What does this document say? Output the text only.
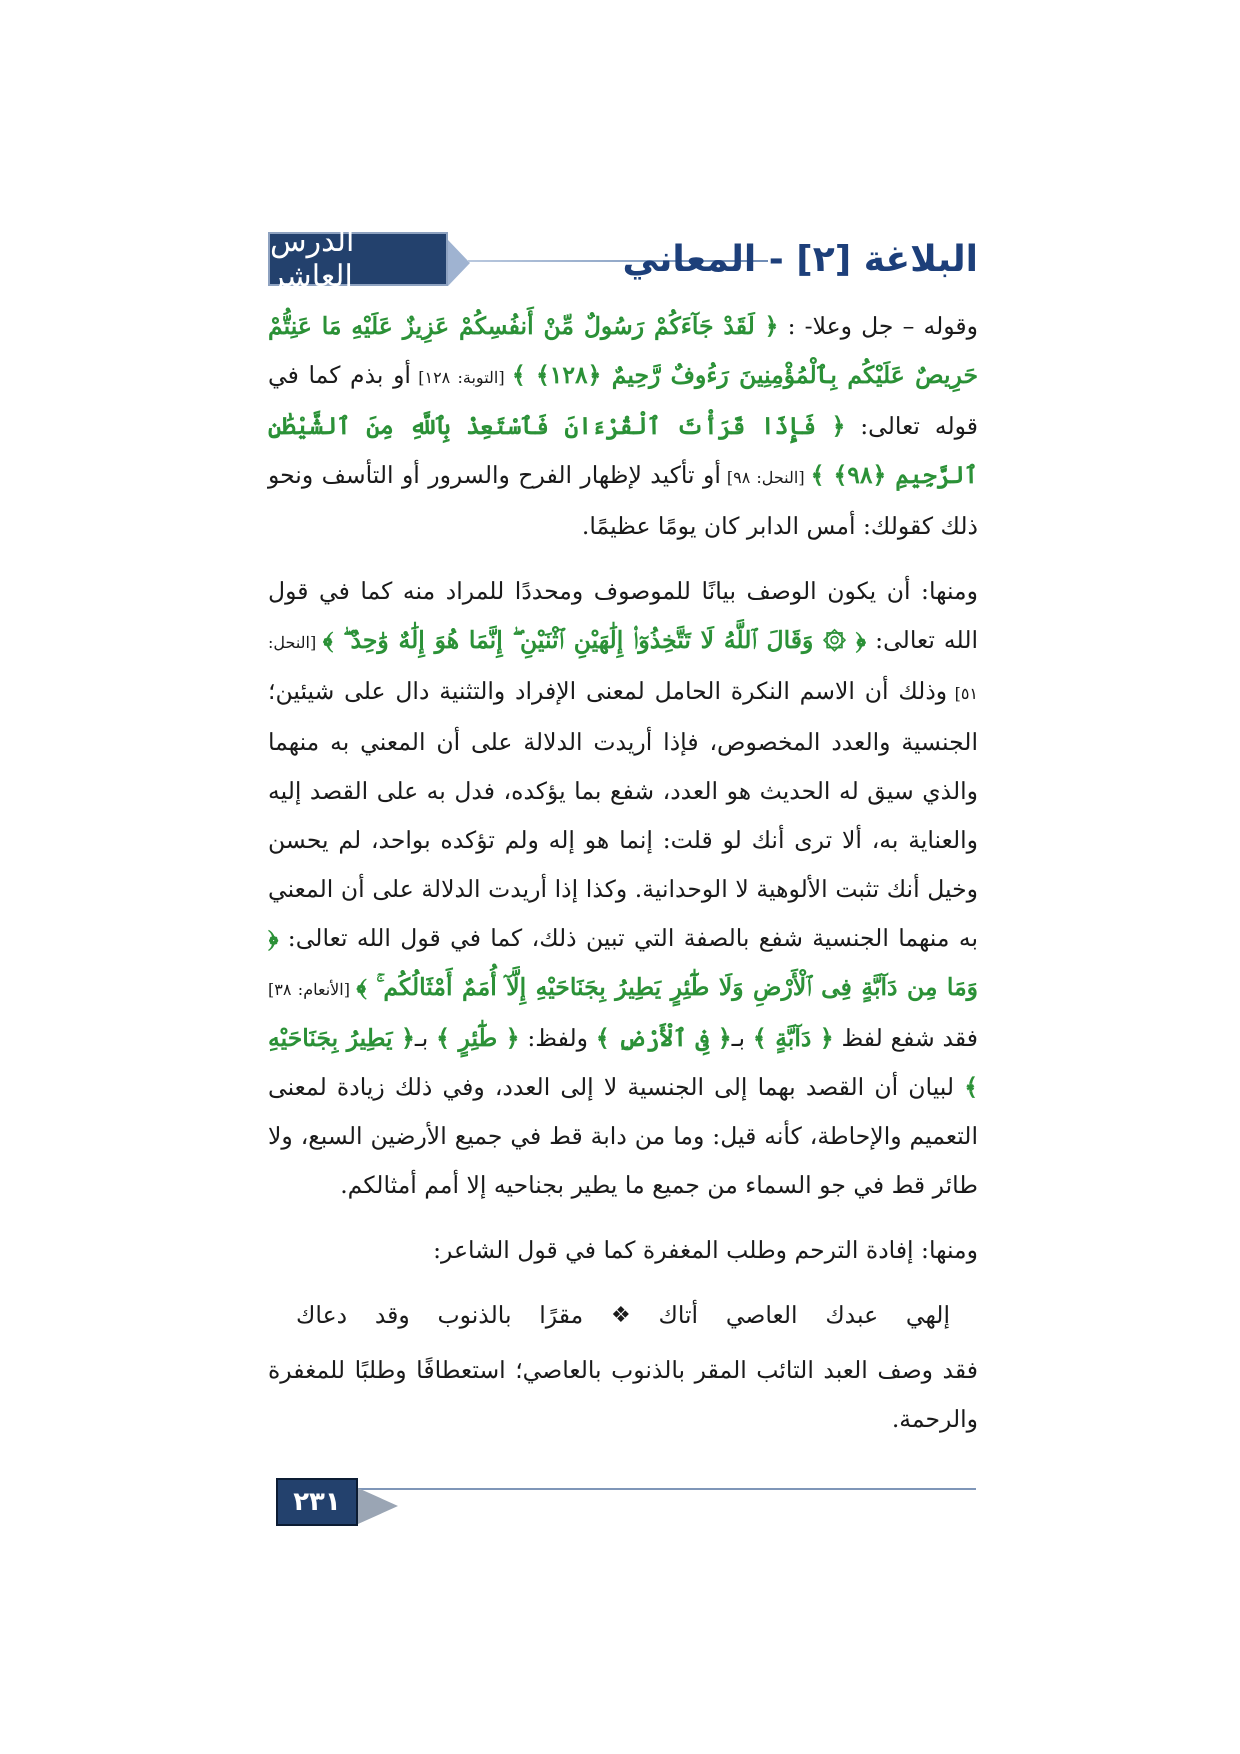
الدرس العاشر	البلاغة [٢] - المعاني

وقوله – جل وعلا- : ﴿ لَقَدْ جَآءَكُمْ رَسُولٌ مِّنْ أَنفُسِكُمْ عَزِيزٌ عَلَيْهِ مَا عَنِتُّمْ حَرِيصٌ عَلَيْكُم بِٱلْمُؤْمِنِينَ رَءُوفٌ رَّحِيمٌ ﴿١٢٨﴾ ﴾ [التوبة: ١٢٨] أو بذم كما في قوله تعالى: ﴿ فَإِذَا قَرَأْتَ ٱلْقُرْءَانَ فَٱسْتَعِذْ بِٱللَّهِ مِنَ ٱلشَّيْطَٰنِ ٱلرَّجِيمِ ﴿٩٨﴾ ﴾ [النحل: ٩٨] أو تأكيد لإظهار الفرح والسرور أو التأسف ونحو ذلك كقولك: أمس الدابر كان يومًا عظيمًا.

ومنها: أن يكون الوصف بيانًا للموصوف ومحددًا للمراد منه كما في قول الله تعالى: ﴿ ۞ وَقَالَ ٱللَّهُ لَا تَتَّخِذُوٓا۟ إِلَٰهَيْنِ ٱثْنَيْنِ ۖ إِنَّمَا هُوَ إِلَٰهٌ وَٰحِدٌ ۖ ﴾ [النحل: ٥١] وذلك أن الاسم النكرة الحامل لمعنى الإفراد والتثنية دال على شيئين؛ الجنسية والعدد المخصوص، فإذا أريدت الدلالة على أن المعني به منهما والذي سيق له الحديث هو العدد، شفع بما يؤكده، فدل به على القصد إليه والعناية به، ألا ترى أنك لو قلت: إنما هو إله ولم تؤكده بواحد، لم يحسن وخيل أنك تثبت الألوهية لا الوحدانية. وكذا إذا أريدت الدلالة على أن المعني به منهما الجنسية شفع بالصفة التي تبين ذلك، كما في قول الله تعالى: ﴿ وَمَا مِن دَآبَّةٍ فِى ٱلْأَرْضِ وَلَا طَٰٓئِرٍ يَطِيرُ بِجَنَاحَيْهِ إِلَّآ أُمَمٌ أَمْثَالُكُم ۚ ﴾ [الأنعام: ٣٨] فقد شفع لفظ ﴿ دَآبَّةٍ ﴾ بـ﴿ فِى ٱلْأَرْضِ ﴾ ولفظ: ﴿ طَٰٓئِرٍ ﴾ بـ﴿ يَطِيرُ بِجَنَاحَيْهِ ﴾ لبيان أن القصد بهما إلى الجنسية لا إلى العدد، وفي ذلك زيادة لمعنى التعميم والإحاطة، كأنه قيل: وما من دابة قط في جميع الأرضين السبع، ولا طائر قط في جو السماء من جميع ما يطير بجناحيه إلا أمم أمثالكم.

ومنها: إفادة الترحم وطلب المغفرة كما في قول الشاعر:

إلهي
عبدك
العاصي
أتاك
❖
مقرًا
بالذنوب
وقد
دعاك

فقد وصف العبد التائب المقر بالذنوب بالعاصي؛ استعطافًا وطلبًا للمغفرة والرحمة.

٢٣١
